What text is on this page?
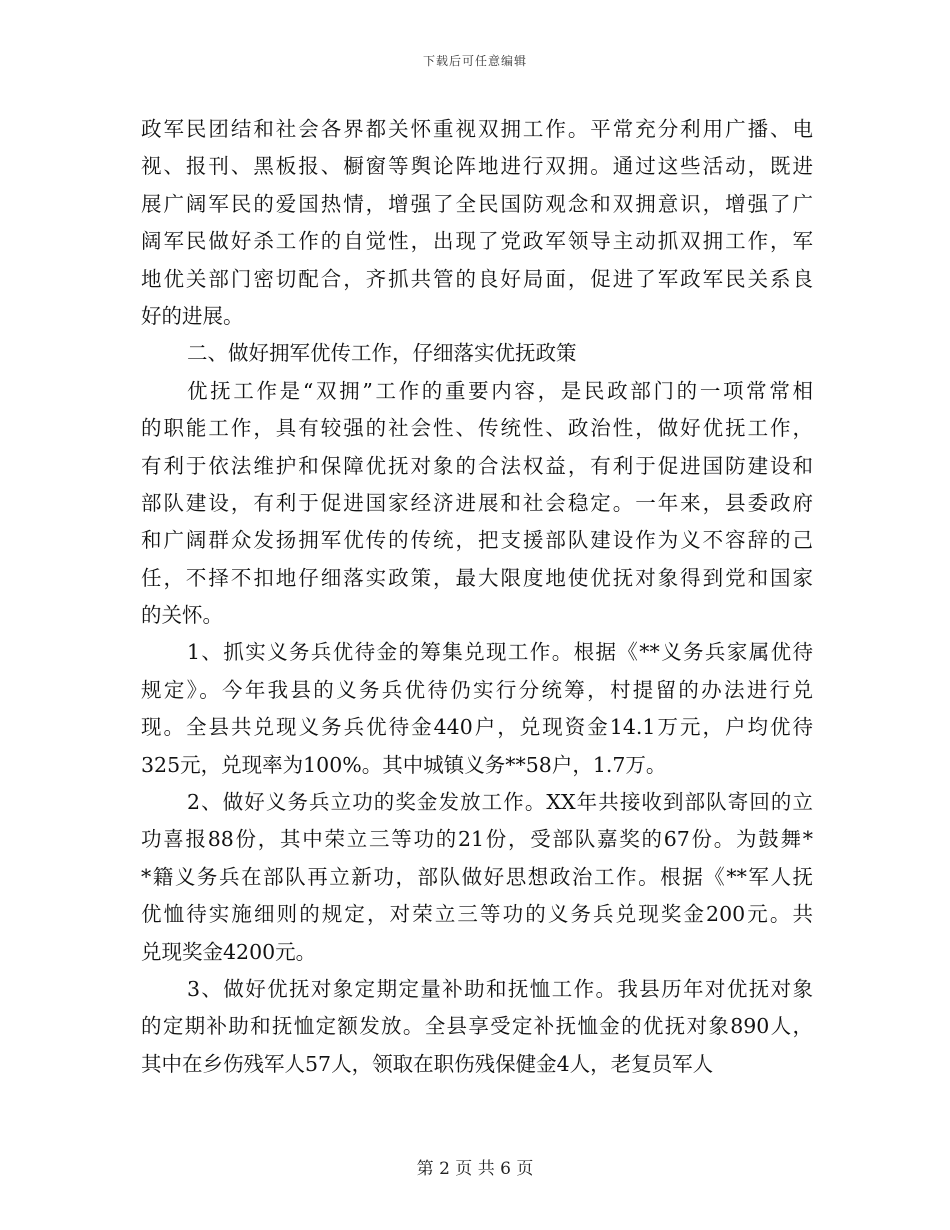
下载后可任意编辑
政军民团结和社会各界都关怀重视双拥工作。平常充分利用广播、电
视、报刊、黑板报、橱窗等舆论阵地进行双拥。通过这些活动，既进
展广阔军民的爱国热情，增强了全民国防观念和双拥意识，增强了广
阔军民做好杀工作的自觉性，出现了党政军领导主动抓双拥工作，军
地优关部门密切配合，齐抓共管的良好局面，促进了军政军民关系良
好的进展。
二、做好拥军优传工作，仔细落实优抚政策
优抚工作是“双拥”工作的重要内容，是民政部门的一项常常相
的职能工作，具有较强的社会性、传统性、政治性，做好优抚工作，
有利于依法维护和保障优抚对象的合法权益，有利于促进国防建设和
部队建设，有利于促进国家经济进展和社会稳定。一年来，县委政府
和广阔群众发扬拥军优传的传统，把支援部队建设作为义不容辞的己
任，不择不扣地仔细落实政策，最大限度地使优抚对象得到党和国家
的关怀。
1、抓实义务兵优待金的筹集兑现工作。根据《**义务兵家属优待
规定》。今年我县的义务兵优待仍实行分统筹，村提留的办法进行兑
现。全县共兑现义务兵优待金440户，兑现资金14.1万元，户均优待
325元，兑现率为100%。其中城镇义务**58户，1.7万。
2、做好义务兵立功的奖金发放工作。XX年共接收到部队寄回的立
功喜报88份，其中荣立三等功的21份，受部队嘉奖的67份。为鼓舞*
*籍义务兵在部队再立新功，部队做好思想政治工作。根据《**军人抚
优恤待实施细则的规定，对荣立三等功的义务兵兑现奖金200元。共
兑现奖金4200元。
3、做好优抚对象定期定量补助和抚恤工作。我县历年对优抚对象
的定期补助和抚恤定额发放。全县享受定补抚恤金的优抚对象890人，
其中在乡伤残军人57人，领取在职伤残保健金4人，老复员军人
第 2 页 共 6 页
